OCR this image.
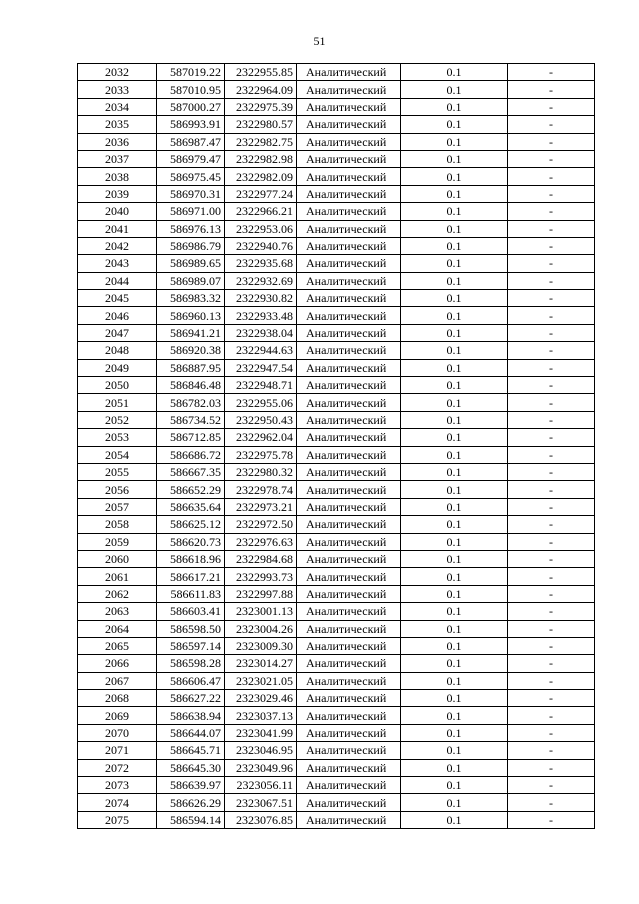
51
2032	587019.22	2322955.85	Аналитический	0.1	-
2033	587010.95	2322964.09	Аналитический	0.1	-
2034	587000.27	2322975.39	Аналитический	0.1	-
2035	586993.91	2322980.57	Аналитический	0.1	-
2036	586987.47	2322982.75	Аналитический	0.1	-
2037	586979.47	2322982.98	Аналитический	0.1	-
2038	586975.45	2322982.09	Аналитический	0.1	-
2039	586970.31	2322977.24	Аналитический	0.1	-
2040	586971.00	2322966.21	Аналитический	0.1	-
2041	586976.13	2322953.06	Аналитический	0.1	-
2042	586986.79	2322940.76	Аналитический	0.1	-
2043	586989.65	2322935.68	Аналитический	0.1	-
2044	586989.07	2322932.69	Аналитический	0.1	-
2045	586983.32	2322930.82	Аналитический	0.1	-
2046	586960.13	2322933.48	Аналитический	0.1	-
2047	586941.21	2322938.04	Аналитический	0.1	-
2048	586920.38	2322944.63	Аналитический	0.1	-
2049	586887.95	2322947.54	Аналитический	0.1	-
2050	586846.48	2322948.71	Аналитический	0.1	-
2051	586782.03	2322955.06	Аналитический	0.1	-
2052	586734.52	2322950.43	Аналитический	0.1	-
2053	586712.85	2322962.04	Аналитический	0.1	-
2054	586686.72	2322975.78	Аналитический	0.1	-
2055	586667.35	2322980.32	Аналитический	0.1	-
2056	586652.29	2322978.74	Аналитический	0.1	-
2057	586635.64	2322973.21	Аналитический	0.1	-
2058	586625.12	2322972.50	Аналитический	0.1	-
2059	586620.73	2322976.63	Аналитический	0.1	-
2060	586618.96	2322984.68	Аналитический	0.1	-
2061	586617.21	2322993.73	Аналитический	0.1	-
2062	586611.83	2322997.88	Аналитический	0.1	-
2063	586603.41	2323001.13	Аналитический	0.1	-
2064	586598.50	2323004.26	Аналитический	0.1	-
2065	586597.14	2323009.30	Аналитический	0.1	-
2066	586598.28	2323014.27	Аналитический	0.1	-
2067	586606.47	2323021.05	Аналитический	0.1	-
2068	586627.22	2323029.46	Аналитический	0.1	-
2069	586638.94	2323037.13	Аналитический	0.1	-
2070	586644.07	2323041.99	Аналитический	0.1	-
2071	586645.71	2323046.95	Аналитический	0.1	-
2072	586645.30	2323049.96	Аналитический	0.1	-
2073	586639.97	2323056.11	Аналитический	0.1	-
2074	586626.29	2323067.51	Аналитический	0.1	-
2075	586594.14	2323076.85	Аналитический	0.1	-
